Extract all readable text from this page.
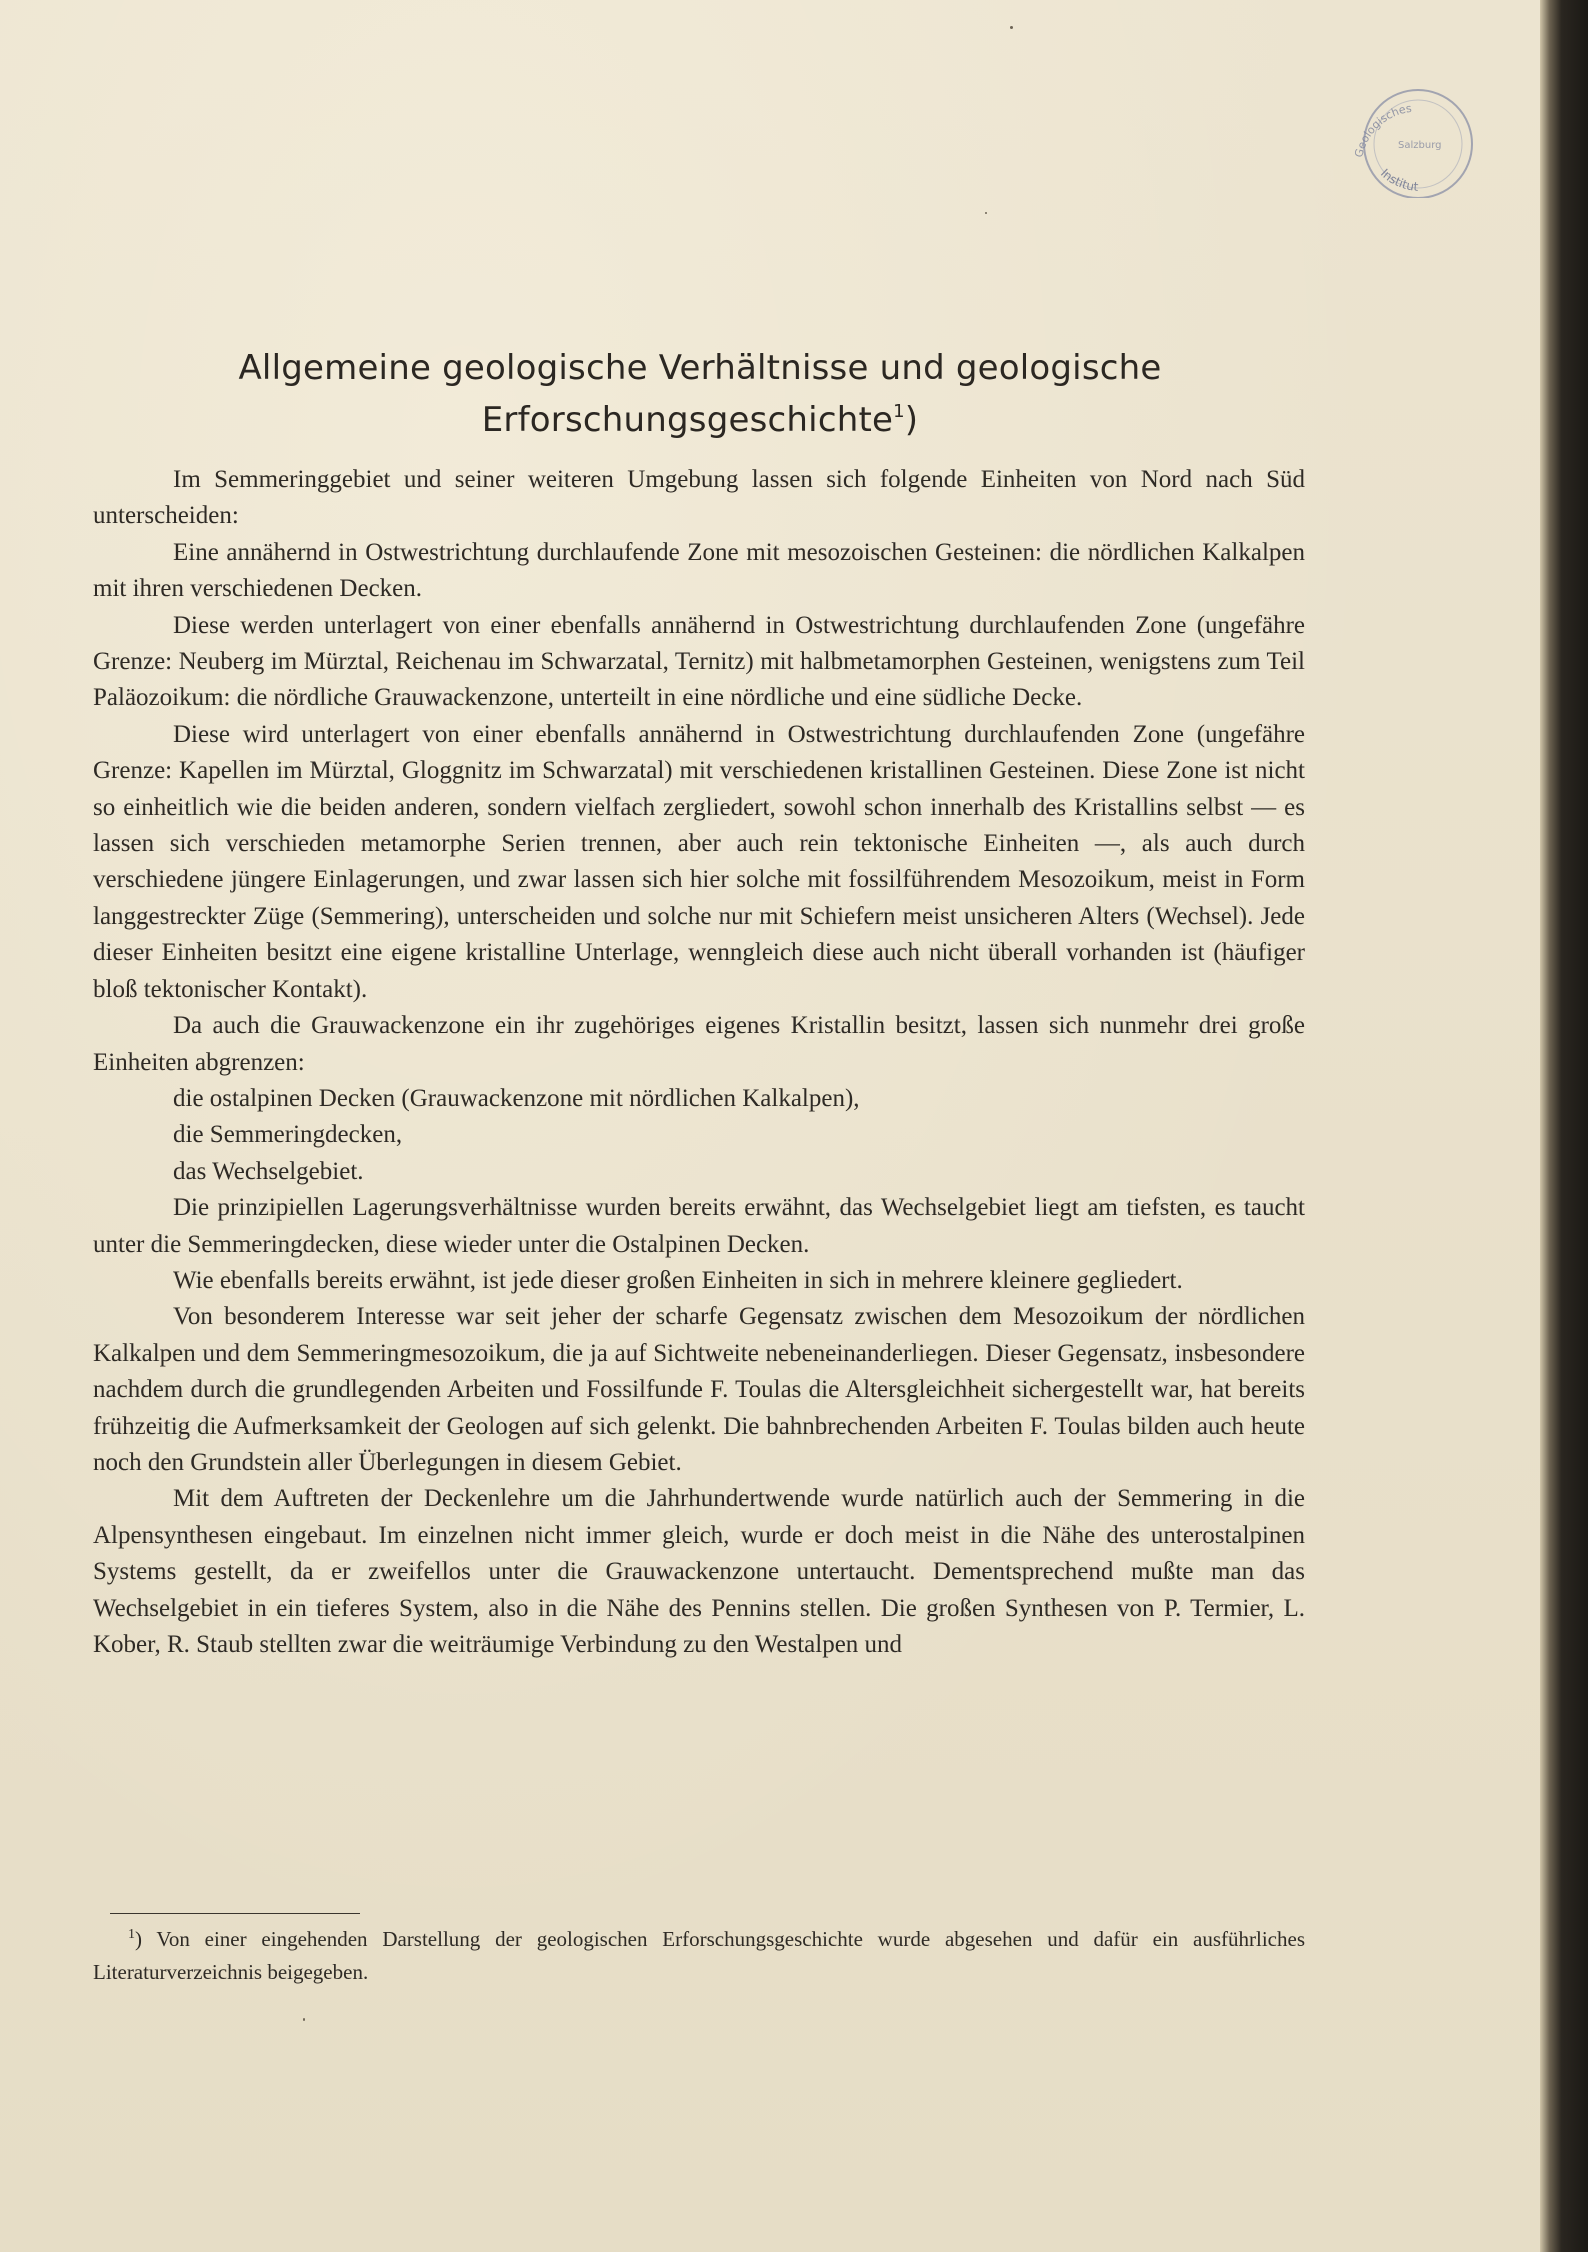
Geologisches
Salzburg
Institut
Allgemeine geologische Verhältnisse und geologische
Erforschungsgeschichte$^1$)

Im Semmeringgebiet und seiner weiteren Umgebung lassen sich folgende Einheiten von Nord nach Süd unterscheiden:

Eine annähernd in Ostwestrichtung durchlaufende Zone mit mesozoischen Gesteinen: die nördlichen Kalkalpen mit ihren verschiedenen Decken.

Diese werden unterlagert von einer ebenfalls annähernd in Ostwestrichtung durchlaufenden Zone (ungefähre Grenze: Neuberg im Mürztal, Reichenau im Schwarzatal, Ternitz) mit halbmetamorphen Gesteinen, wenigstens zum Teil Paläozoikum: die nördliche Grauwackenzone, unterteilt in eine nördliche und eine südliche Decke.

Diese wird unterlagert von einer ebenfalls annähernd in Ostwestrichtung durchlaufenden Zone (ungefähre Grenze: Kapellen im Mürztal, Gloggnitz im Schwarzatal) mit verschiedenen kristallinen Gesteinen. Diese Zone ist nicht so einheitlich wie die beiden anderen, sondern vielfach zergliedert, sowohl schon innerhalb des Kristallins selbst — es lassen sich verschieden metamorphe Serien trennen, aber auch rein tektonische Einheiten —, als auch durch verschiedene jüngere Einlagerungen, und zwar lassen sich hier solche mit fossilführendem Mesozoikum, meist in Form langgestreckter Züge (Semmering), unterscheiden und solche nur mit Schiefern meist unsicheren Alters (Wechsel). Jede dieser Einheiten besitzt eine eigene kristalline Unterlage, wenngleich diese auch nicht überall vorhanden ist (häufiger bloß tektonischer Kontakt).

Da auch die Grauwackenzone ein ihr zugehöriges eigenes Kristallin besitzt, lassen sich nunmehr drei große Einheiten abgrenzen:

die ostalpinen Decken (Grauwackenzone mit nördlichen Kalkalpen),
die Semmeringdecken,
das Wechselgebiet.

Die prinzipiellen Lagerungsverhältnisse wurden bereits erwähnt, das Wechselgebiet liegt am tiefsten, es taucht unter die Semmeringdecken, diese wieder unter die Ostalpinen Decken.

Wie ebenfalls bereits erwähnt, ist jede dieser großen Einheiten in sich in mehrere kleinere gegliedert.

Von besonderem Interesse war seit jeher der scharfe Gegensatz zwischen dem Mesozoikum der nördlichen Kalkalpen und dem Semmeringmesozoikum, die ja auf Sichtweite nebeneinanderliegen. Dieser Gegensatz, insbesondere nachdem durch die grundlegenden Arbeiten und Fossilfunde F. Toulas die Altersgleichheit sichergestellt war, hat bereits frühzeitig die Aufmerksamkeit der Geologen auf sich gelenkt. Die bahnbrechenden Arbeiten F. Toulas bilden auch heute noch den Grundstein aller Überlegungen in diesem Gebiet.

Mit dem Auftreten der Deckenlehre um die Jahrhundertwende wurde natürlich auch der Semmering in die Alpensynthesen eingebaut. Im einzelnen nicht immer gleich, wurde er doch meist in die Nähe des unterostalpinen Systems gestellt, da er zweifellos unter die Grauwackenzone untertaucht. Dementsprechend mußte man das Wechselgebiet in ein tieferes System, also in die Nähe des Pennins stellen. Die großen Synthesen von P. Termier, L. Kober, R. Staub stellten zwar die weiträumige Verbindung zu den Westalpen und

$^1$) Von einer eingehenden Darstellung der geologischen Erforschungsgeschichte wurde abgesehen und dafür ein ausführliches Literaturverzeichnis beigegeben.
